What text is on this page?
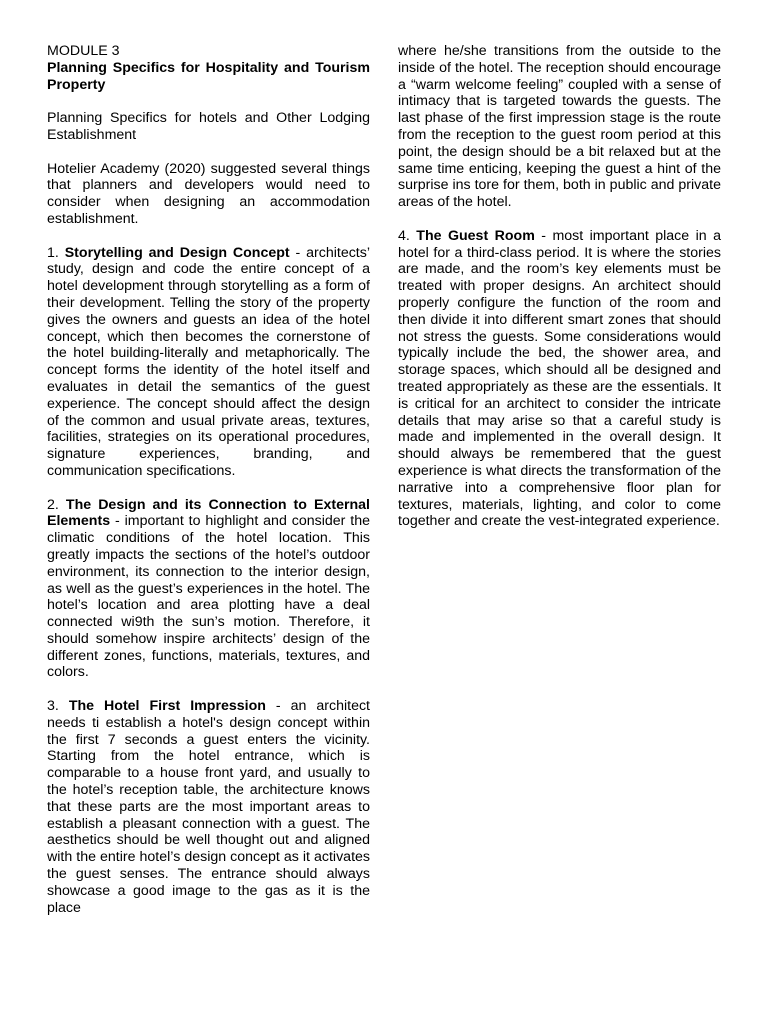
MODULE 3

Planning Specifics for Hospitality and Tourism Property

Planning Specifics for hotels and Other Lodging Establishment

Hotelier Academy (2020) suggested several things that planners and developers would need to consider when designing an accommodation establishment.

1. Storytelling and Design Concept - architects’ study, design and code the entire concept of a hotel development through storytelling as a form of their development. Telling the story of the property gives the owners and guests an idea of the hotel concept, which then becomes the cornerstone of the hotel building-literally and metaphorically. The concept forms the identity of the hotel itself and evaluates in detail the semantics of the guest experience. The concept should affect the design of the common and usual private areas, textures, facilities, strategies on its operational procedures, signature experiences, branding, and communication specifications.

2. The Design and its Connection to External Elements - important to highlight and consider the climatic conditions of the hotel location. This greatly impacts the sections of the hotel’s outdoor environment, its connection to the interior design, as well as the guest’s experiences in the hotel. The hotel’s location and area plotting have a deal connected wi9th the sun’s motion. Therefore, it should somehow inspire architects’ design of the different zones, functions, materials, textures, and colors.

3. The Hotel First Impression - an architect needs ti establish a hotel's design concept within the first 7 seconds a guest enters the vicinity. Starting from the hotel entrance, which is comparable to a house front yard, and usually to the hotel’s reception table, the architecture knows that these parts are the most important areas to establish a pleasant connection with a guest. The aesthetics should be well thought out and aligned with the entire hotel’s design concept as it activates the guest senses. The entrance should always showcase a good image to the gas as it is the place

where he/she transitions from the outside to the inside of the hotel. The reception should encourage a “warm welcome feeling” coupled with a sense of intimacy that is targeted towards the guests. The last phase of the first impression stage is the route from the reception to the guest room period at this point, the design should be a bit relaxed but at the same time enticing, keeping the guest a hint of the surprise ins tore for them, both in public and private areas of the hotel.

4. The Guest Room - most important place in a hotel for a third-class period. It is where the stories are made, and the room’s key elements must be treated with proper designs. An architect should properly configure the function of the room and then divide it into different smart zones that should not stress the guests. Some considerations would typically include the bed, the shower area, and storage spaces, which should all be designed and treated appropriately as these are the essentials. It is critical for an architect to consider the intricate details that may arise so that a careful study is made and implemented in the overall design. It should always be remembered that the guest experience is what directs the transformation of the narrative into a comprehensive floor plan for textures, materials, lighting, and color to come together and create the vest-integrated experience.
